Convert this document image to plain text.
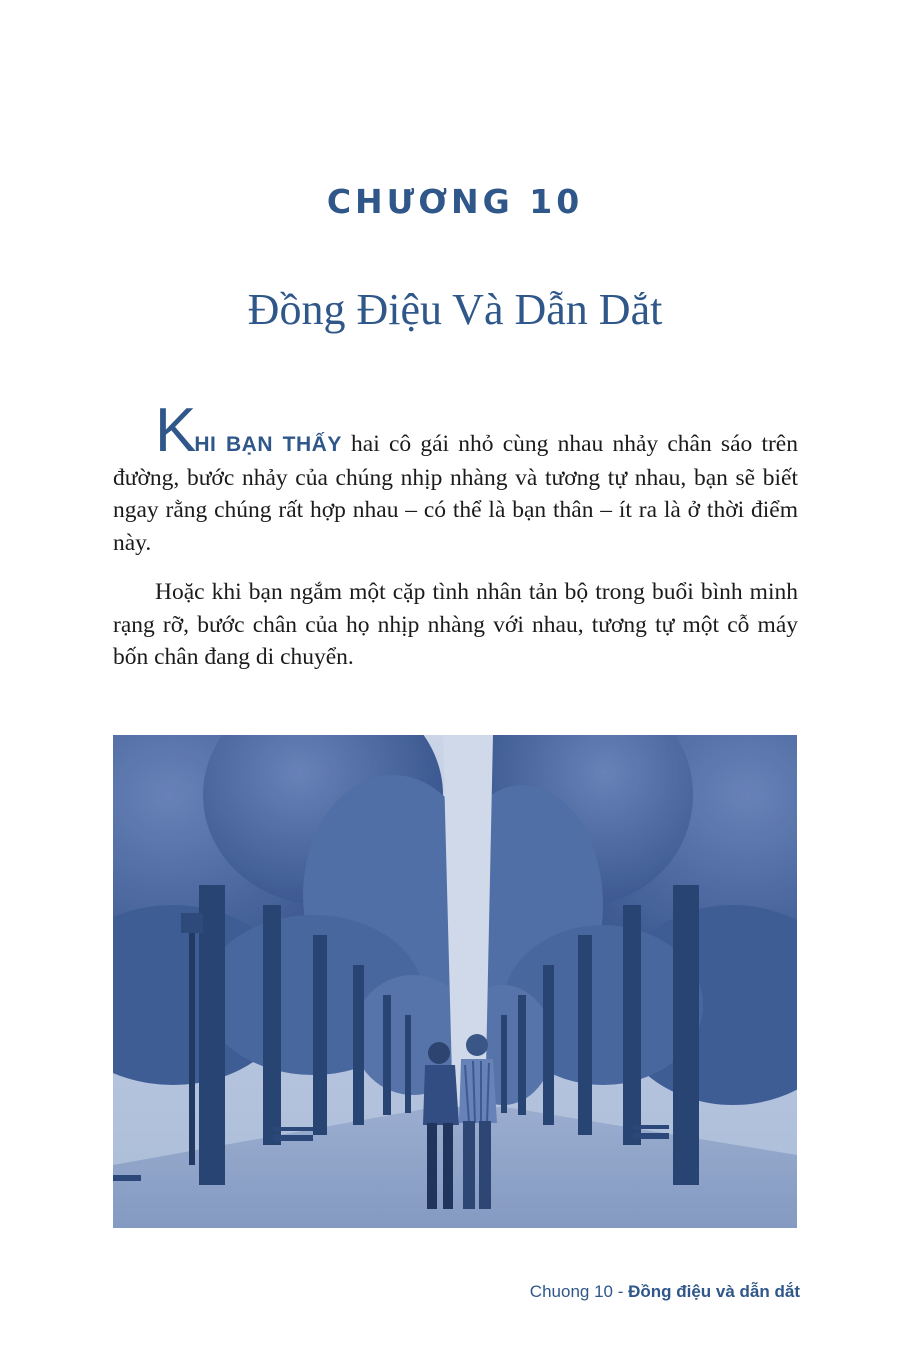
CHƯƠNG 10
Đồng Điệu Và Dẫn Dắt

KHI BẠN THẤY hai cô gái nhỏ cùng nhau nhảy chân sáo trên đường, bước nhảy của chúng nhịp nhàng và tương tự nhau, bạn sẽ biết ngay rằng chúng rất hợp nhau – có thể là bạn thân – ít ra là ở thời điểm này.

Hoặc khi bạn ngắm một cặp tình nhân tản bộ trong buổi bình minh rạng rỡ, bước chân của họ nhịp nhàng với nhau, tương tự một cỗ máy bốn chân đang di chuyển.

Chuong 10 - Đồng điệu và dẫn dắt
